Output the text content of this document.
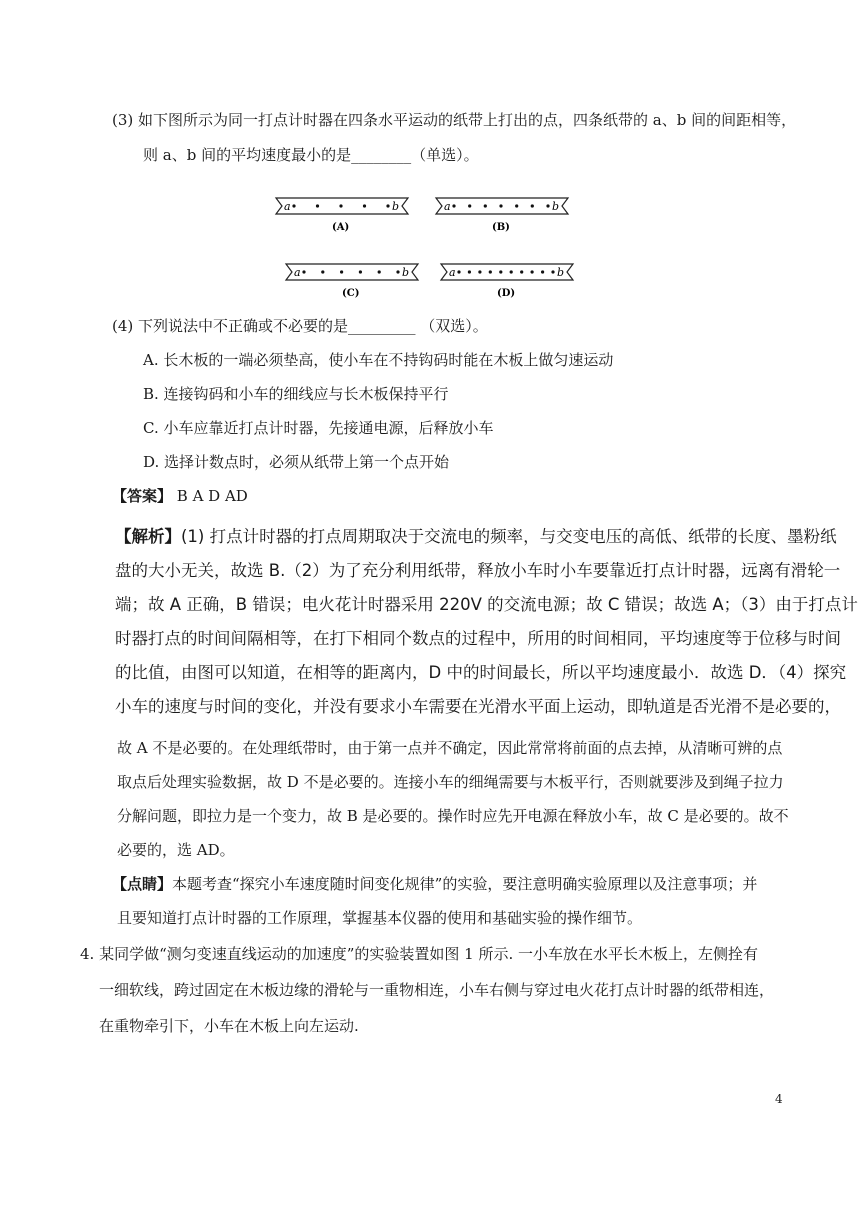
(3) 如下图所示为同一打点计时器在四条水平运动的纸带上打出的点，四条纸带的 a、b 间的间距相等，
则 a、b 间的平均速度最小的是________（单选）。
a	b
(A)
a	b
(B)
a	b
(C)
a	b
(D)
(4) 下列说法中不正确或不必要的是_________ （双选）。
A. 长木板的一端必须垫高，使小车在不持钩码时能在木板上做匀速运动
B. 连接钩码和小车的细线应与长木板保持平行
C. 小车应靠近打点计时器，先接通电源，后释放小车
D. 选择计数点时，必须从纸带上第一个点开始
【答案】 B A D AD
【解析】(1) 打点计时器的打点周期取决于交流电的频率，与交变电压的高低、纸带的长度、墨粉纸
盘的大小无关，故选 B.（2）为了充分利用纸带，释放小车时小车要靠近打点计时器，远离有滑轮一
端；故 A 正确，B 错误；电火花计时器采用 220V 的交流电源；故 C 错误；故选 A；（3）由于打点计
时器打点的时间间隔相等，在打下相同个数点的过程中，所用的时间相同，平均速度等于位移与时间
的比值，由图可以知道，在相等的距离内，D 中的时间最长，所以平均速度最小．故选 D．（4）探究
小车的速度与时间的变化，并没有要求小车需要在光滑水平面上运动，即轨道是否光滑不是必要的，
故 A 不是必要的。在处理纸带时，由于第一点并不确定，因此常常将前面的点去掉，从清晰可辨的点
取点后处理实验数据，故 D 不是必要的。连接小车的细绳需要与木板平行，否则就要涉及到绳子拉力
分解问题，即拉力是一个变力，故 B 是必要的。操作时应先开电源在释放小车，故 C 是必要的。故不
必要的，选 AD。
【点睛】本题考查“探究小车速度随时间变化规律”的实验，要注意明确实验原理以及注意事项；并
且要知道打点计时器的工作原理，掌握基本仪器的使用和基础实验的操作细节。
4. 某同学做“测匀变速直线运动的加速度”的实验装置如图 1 所示. 一小车放在水平长木板上，左侧拴有
一细软线，跨过固定在木板边缘的滑轮与一重物相连，小车右侧与穿过电火花打点计时器的纸带相连，
在重物牵引下，小车在木板上向左运动.
4
